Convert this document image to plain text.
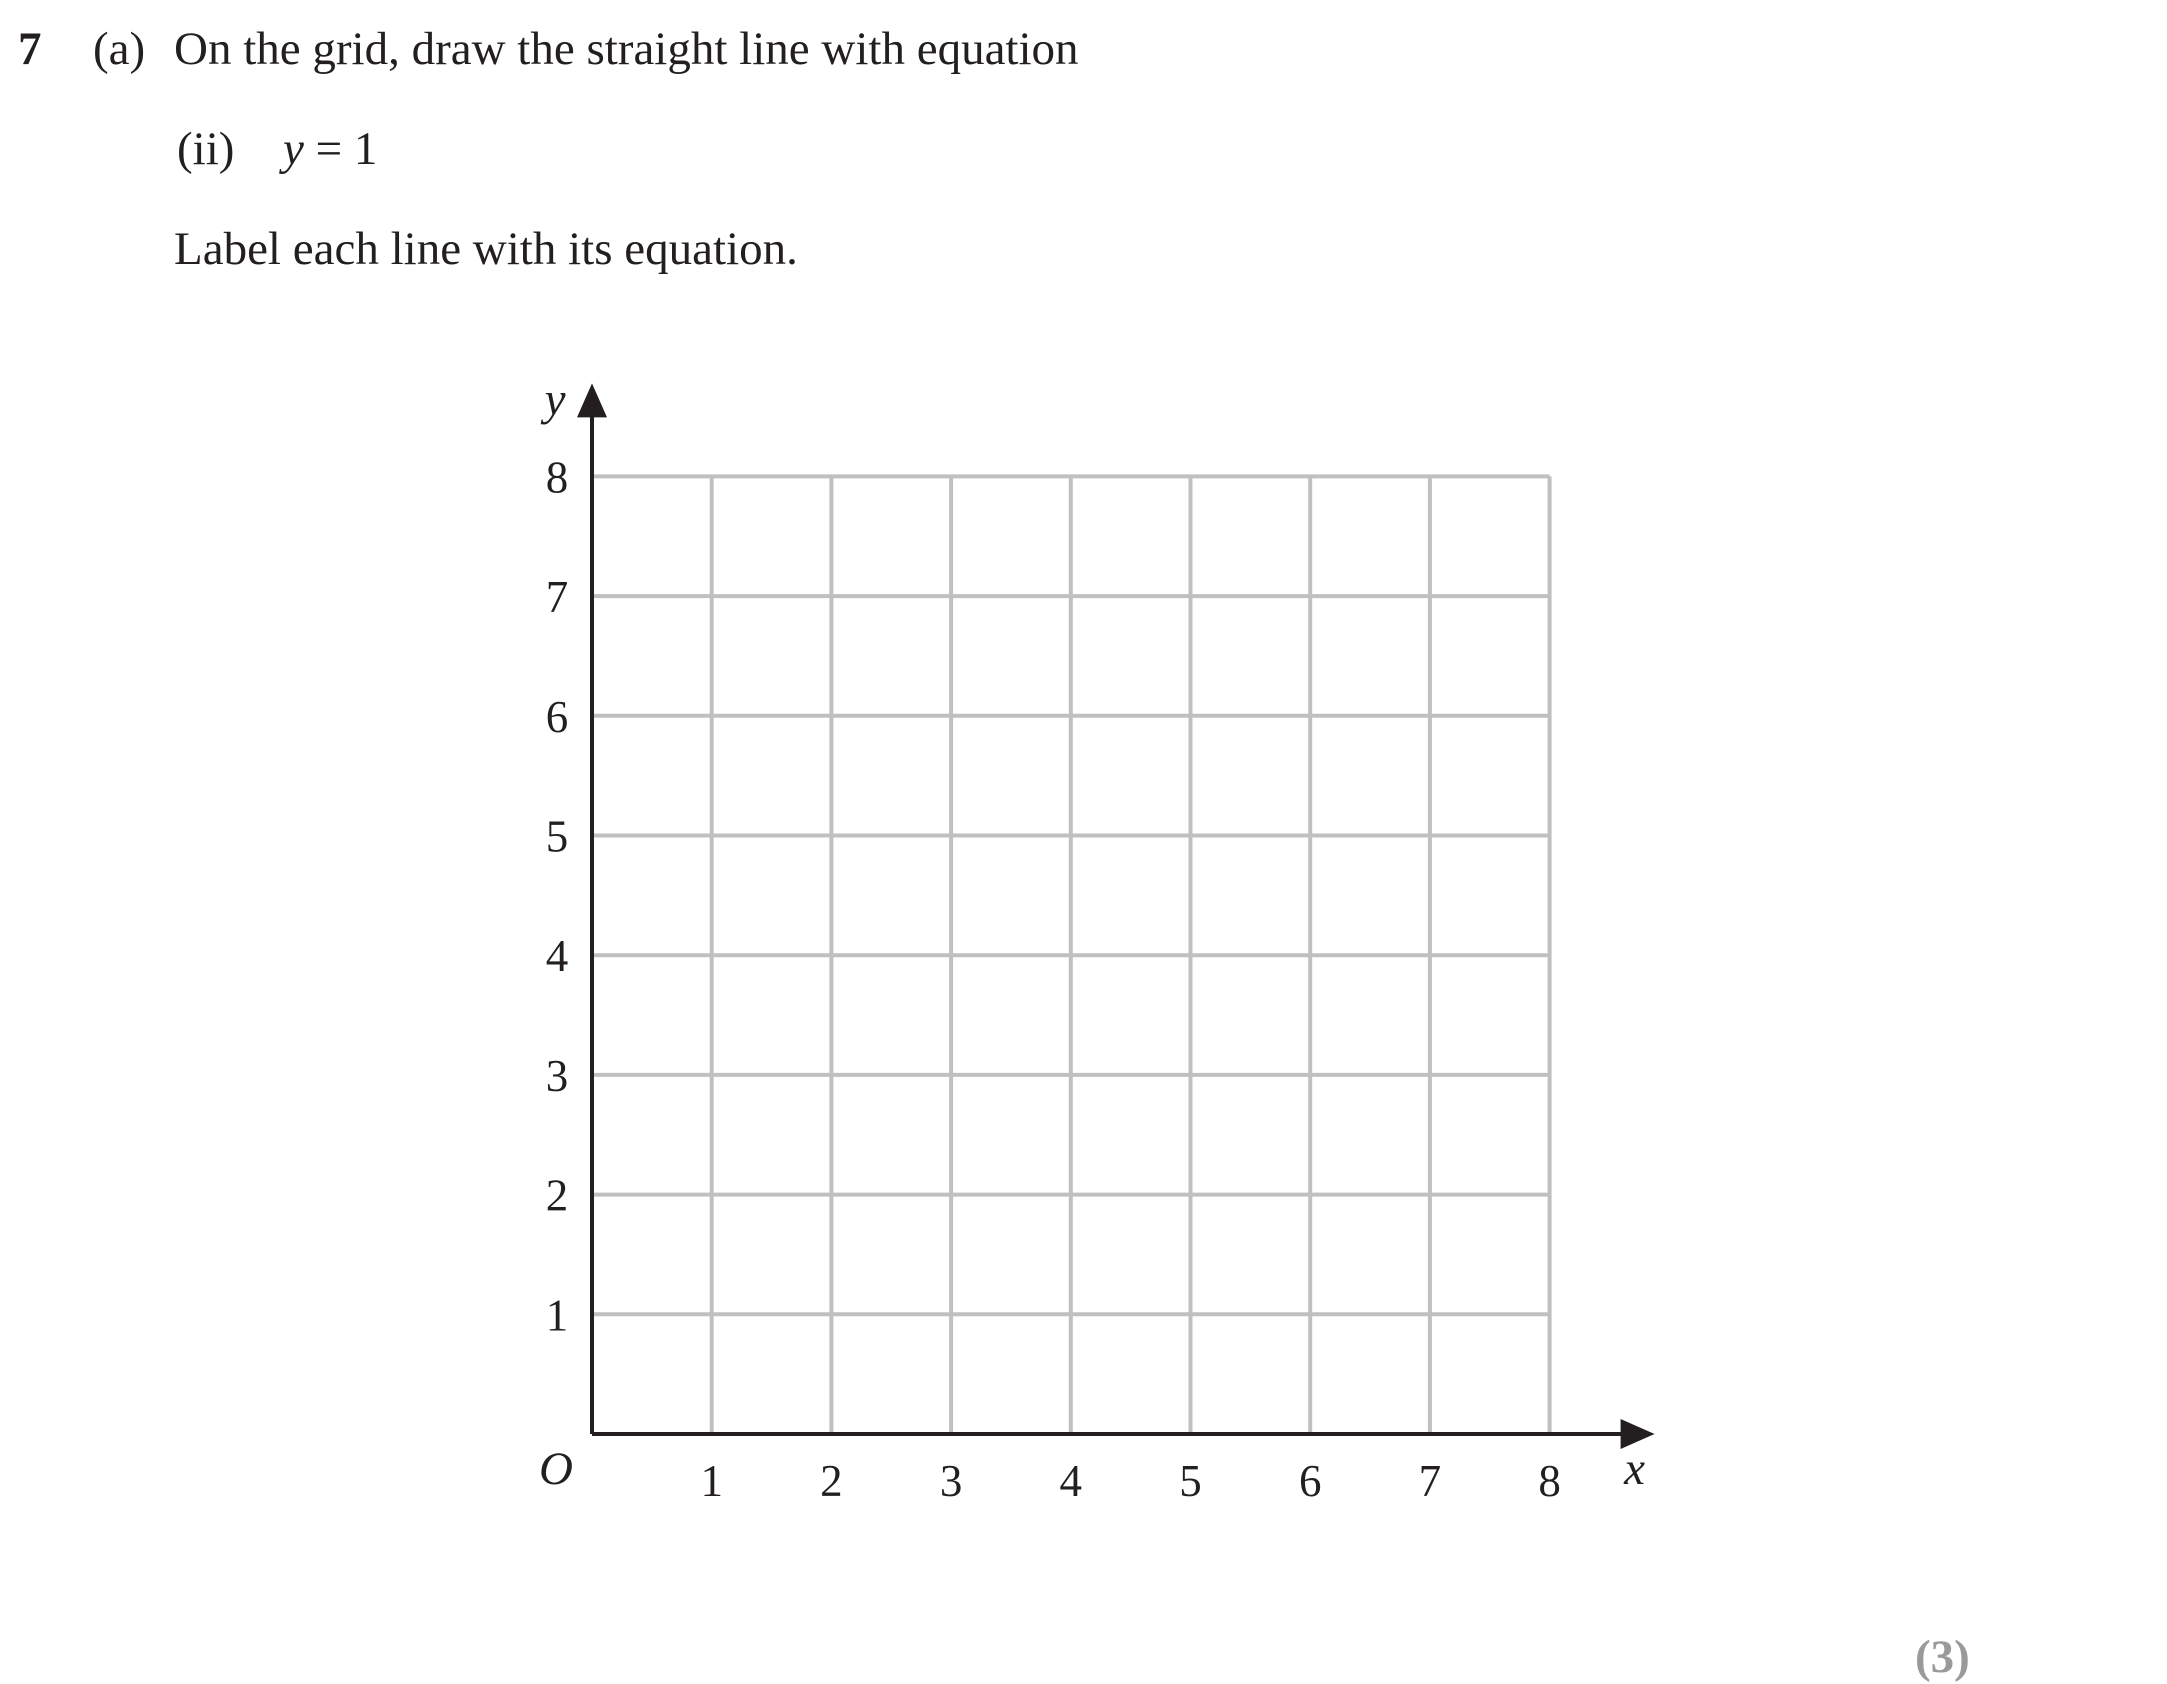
7 (a) On the grid, draw the straight line with equation
(ii) y = 1
Label each line with its equation.
1 2 3 4 5 6 7 8
1
2
3
4
5
6
7
8
O	x
y
(3)
